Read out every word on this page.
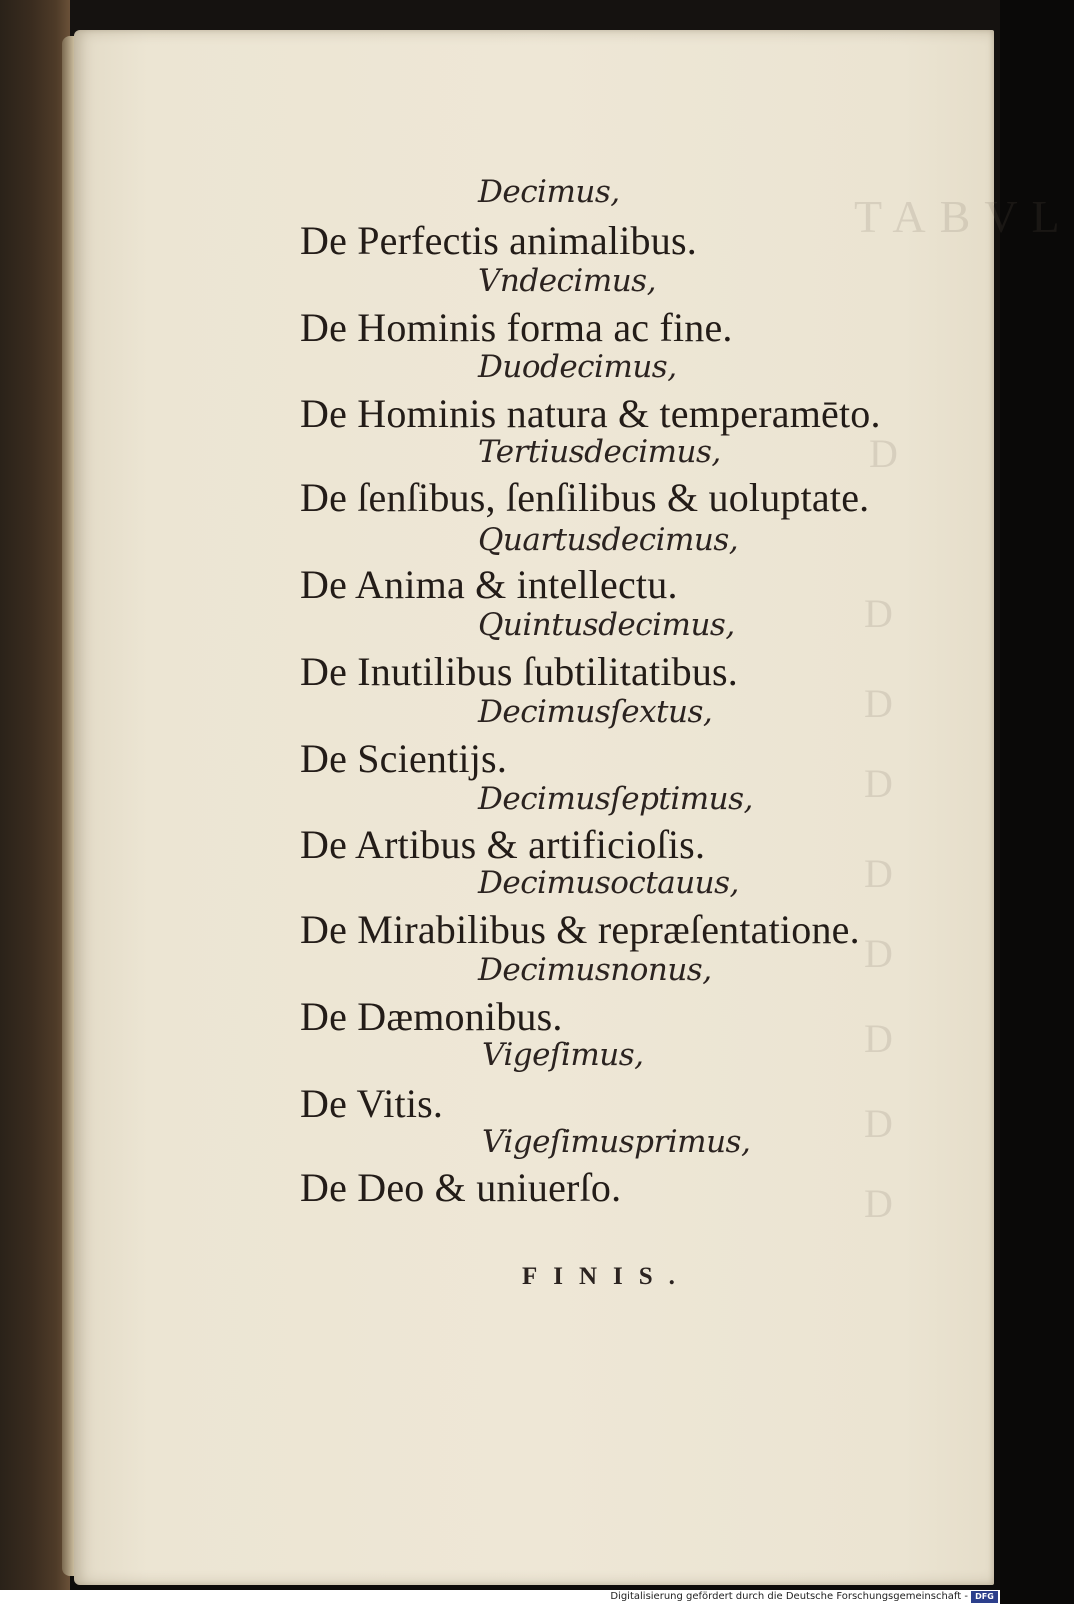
TABVL
D
D
D
D
D
D
D
D
D
Decimus,
De Perfectis animalibus.
Vndecimus,
De Hominis forma ac fine.
Duodecimus,
De Hominis natura & temperamēto.
Tertiusdecimus,
De ſenſibus, ſenſilibus & uoluptate.
Quartusdecimus,
De Anima & intellectu.
Quintusdecimus,
De Inutilibus ſubtilitatibus.
Decimusſextus,
De Scientijs.
Decimusſeptimus,
De Artibus & artificioſis.
Decimusoctauus,
De Mirabilibus & repræſentatione.
Decimusnonus,
De Dæmonibus.
Vigeſimus,
De Vitis.
Vigeſimusprimus,
De Deo & uniuerſo.
FINIS.
Digitalisierung gefördert durch die Deutsche Forschungsgemeinschaft - DFG
